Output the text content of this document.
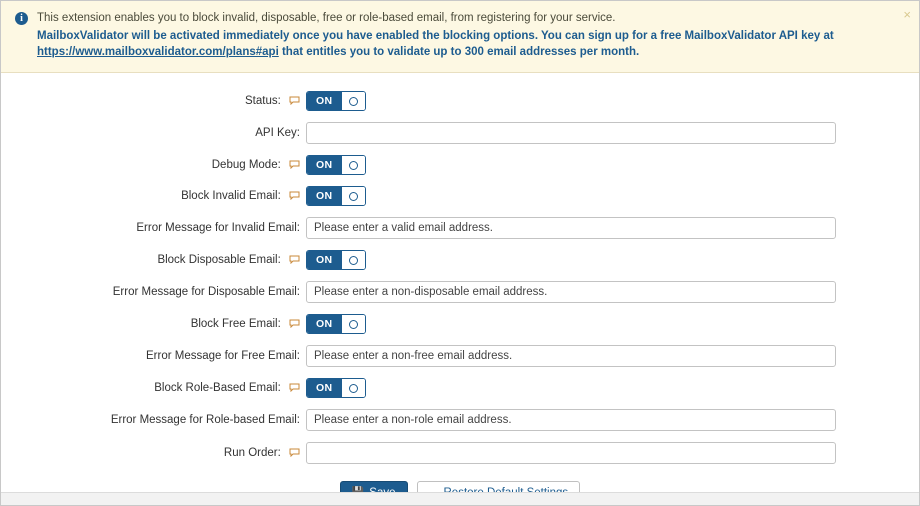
i	This extension enables you to block invalid, disposable, free or role-based email, from registering for your service.
MailboxValidator will be activated immediately once you have enabled the blocking options. You can sign up for a free MailboxValidator API key at
https://www.mailboxvalidator.com/plans#api that entitles you to validate up to 300 email addresses per month.
×
Status:	ON
API Key:
Debug Mode:	ON
Block Invalid Email:	ON
Error Message for Invalid Email:
Please enter a valid email address.
Block Disposable Email:	ON
Error Message for Disposable Email:
Please enter a non-disposable email address.
Block Free Email:	ON
Error Message for Free Email:
Please enter a non-free email address.
Block Role-Based Email:	ON
Error Message for Role-based Email:
Please enter a non-role email address.
Run Order:
